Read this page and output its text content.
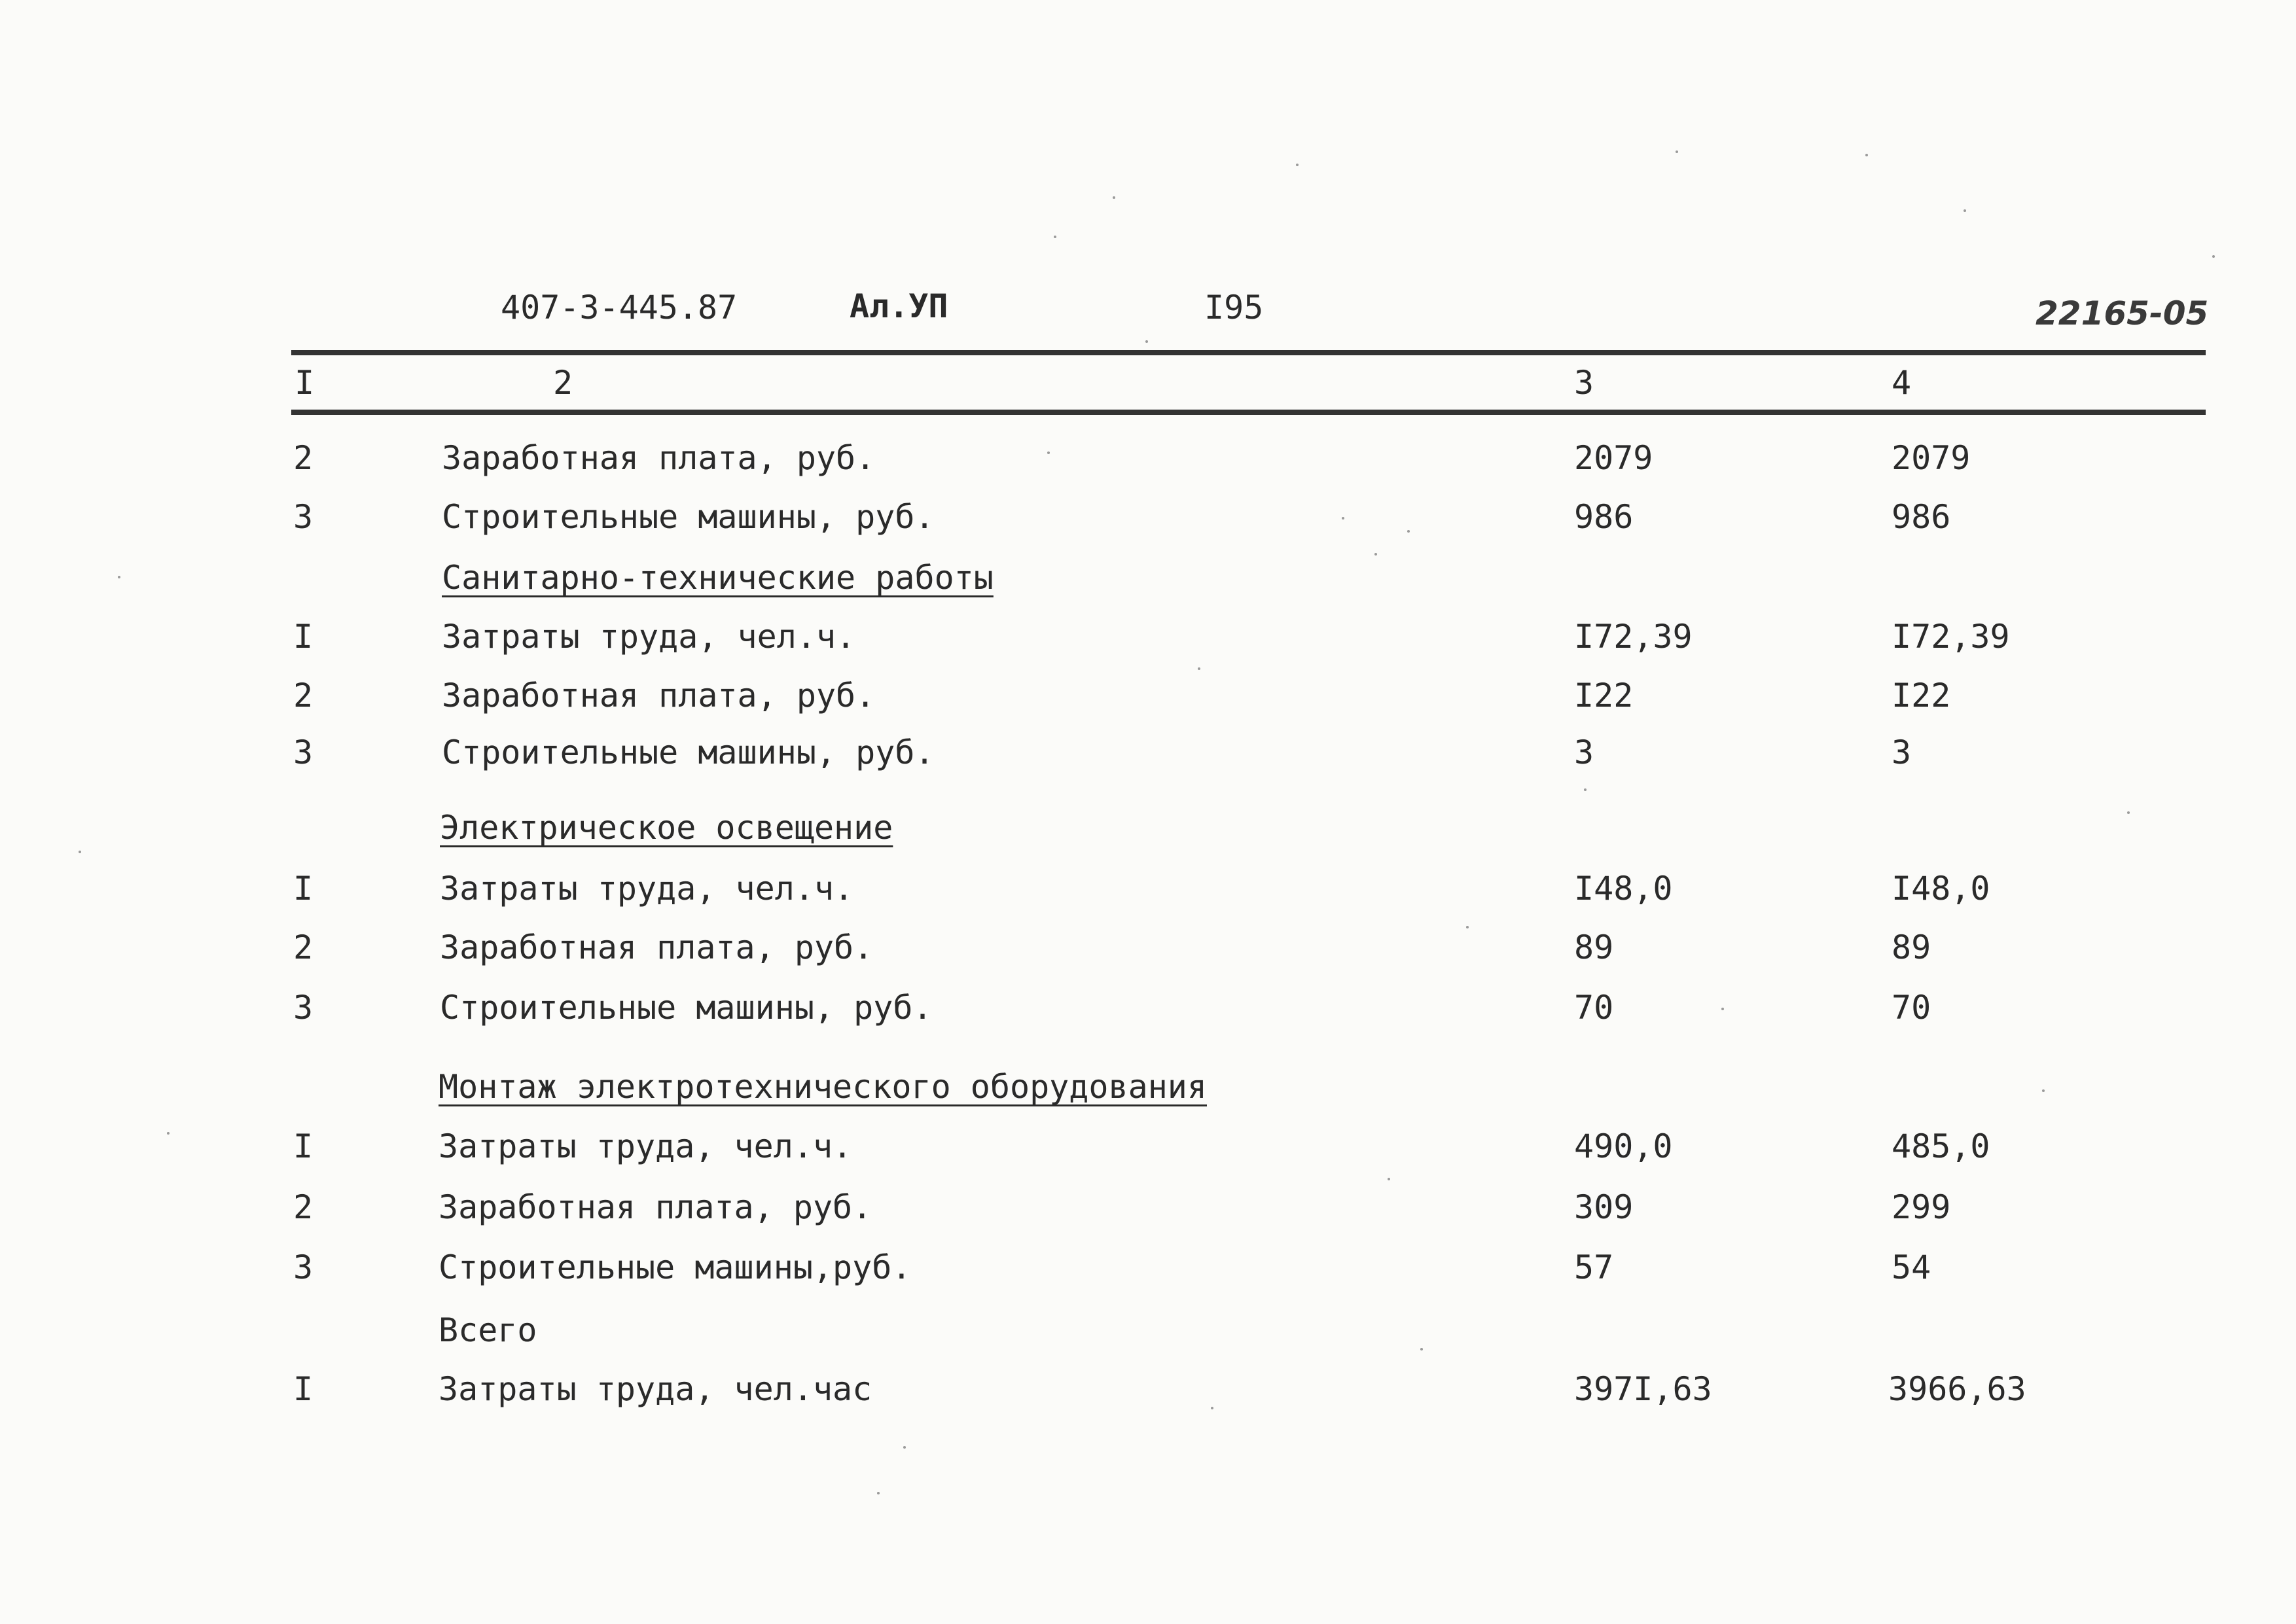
407-3-445.87	Ал.УП	I95	22165-05
I	2	3	4
2	Заработная плата, руб.	2079	2079
3	Строительные машины, руб.	986	986
Санитарно-технические работы
I	Затраты труда, чел.ч.	I72,39	I72,39
2	Заработная плата, руб.	I22	I22
3	Строительные машины, руб.	3	3
Электрическое освещение
I	Затраты труда, чел.ч.	I48,0	I48,0
2	Заработная плата, руб.	89	89
3	Строительные машины, руб.	70	70
Монтаж электротехнического оборудования
I	Затраты труда, чел.ч.	490,0	485,0
2	Заработная плата, руб.	309	299
3	Строительные машины,руб.	57	54
Всего
I	Затраты труда, чел.час	397I,63	3966,63
